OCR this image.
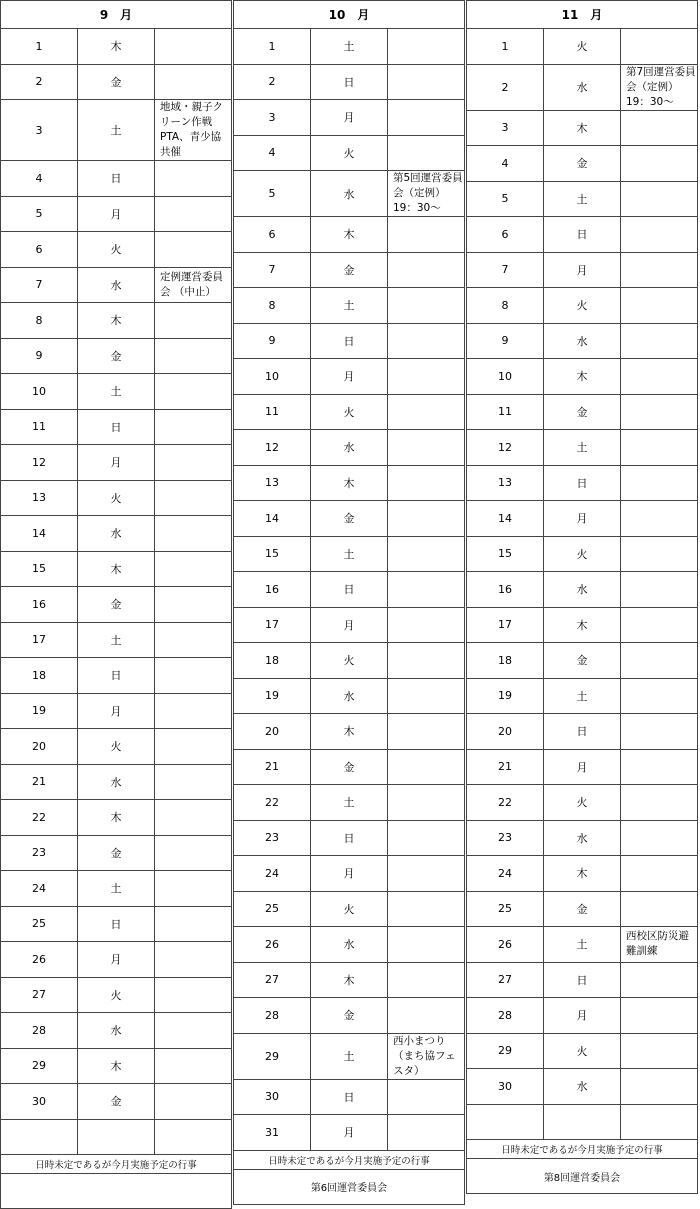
9　月		
1	木	
2	金	
3	土	地域・親子クリーン作戦
PTA、青少協共催
4	日	
5	月	
6	火	
7	水	定例運営委員会 （中止）
8	木	
9	金	
10	土	
11	日	
12	月	
13	火	
14	水	
15	木	
16	金	
17	土	
18	日	
19	月	
20	火	
21	水	
22	木	
23	金	
24	土	
25	日	
26	月	
27	火	
28	水	
29	木	
30	金	

日時未定であるが今月実施予定の行事		

10　月		
1	土	
2	日	
3	月	
4	火	
5	水	第5回運営委員会（定例）19：30～
6	木	
7	金	
8	土	
9	日	
10	月	
11	火	
12	水	
13	木	
14	金	
15	土	
16	日	
17	月	
18	火	
19	水	
20	木	
21	金	
22	土	
23	日	
24	月	
25	火	
26	水	
27	木	
28	金	
29	土	西小まつり（まち協フェスタ）
30	日	
31	月	
日時未定であるが今月実施予定の行事		
第6回運営委員会		
11　月		
1	火	
2	水	第7回運営委員会（定例）19：30～
3	木	
4	金	
5	土	
6	日	
7	月	
8	火	
9	水	
10	木	
11	金	
12	土	
13	日	
14	月	
15	火	
16	水	
17	木	
18	金	
19	土	
20	日	
21	月	
22	火	
23	水	
24	木	
25	金	
26	土	西校区防災避難訓練
27	日	
28	月	
29	火	
30	水	

日時未定であるが今月実施予定の行事		
第8回運営委員会		
